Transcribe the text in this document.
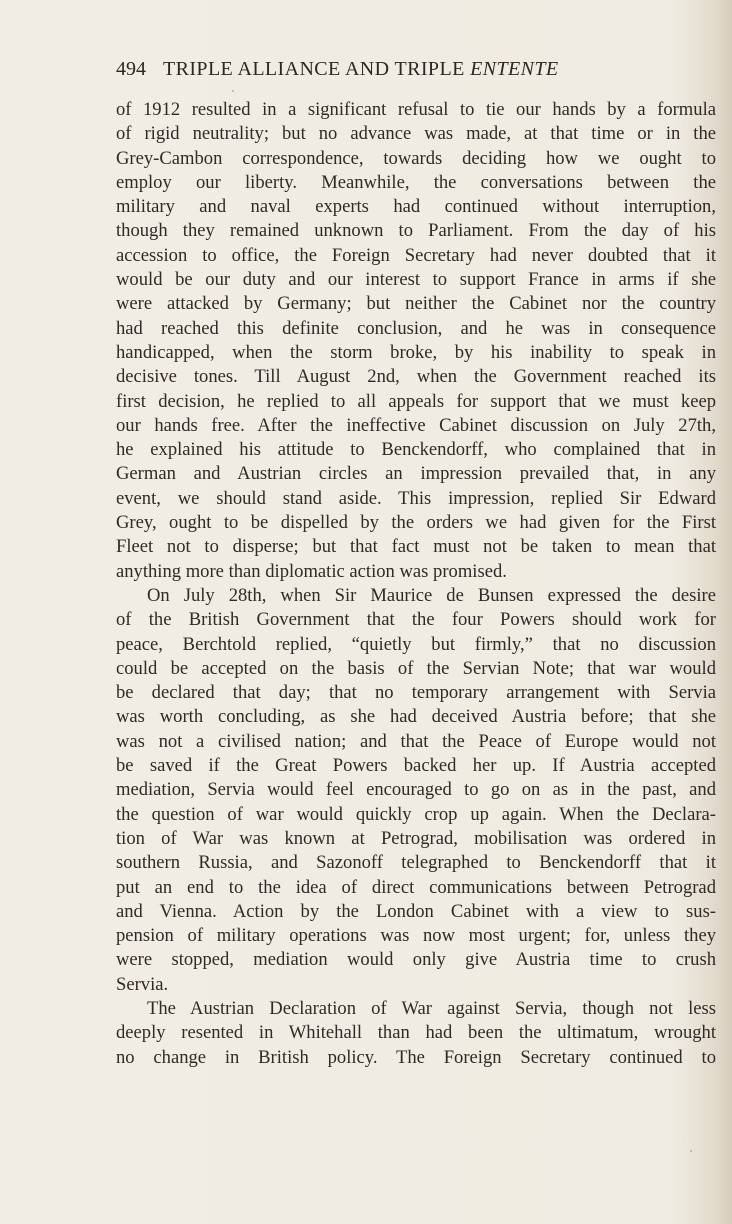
494 TRIPLE ALLIANCE AND TRIPLE ENTENTE
of 1912 resulted in a significant refusal to tie our hands by a formula
of rigid neutrality; but no advance was made, at that time or in the
Grey-Cambon correspondence, towards deciding how we ought to
employ our liberty. Meanwhile, the conversations between the
military and naval experts had continued without interruption,
though they remained unknown to Parliament. From the day of his
accession to office, the Foreign Secretary had never doubted that it
would be our duty and our interest to support France in arms if she
were attacked by Germany; but neither the Cabinet nor the country
had reached this definite conclusion, and he was in consequence
handicapped, when the storm broke, by his inability to speak in
decisive tones. Till August 2nd, when the Government reached its
first decision, he replied to all appeals for support that we must keep
our hands free. After the ineffective Cabinet discussion on July 27th,
he explained his attitude to Benckendorff, who complained that in
German and Austrian circles an impression prevailed that, in any
event, we should stand aside. This impression, replied Sir Edward
Grey, ought to be dispelled by the orders we had given for the First
Fleet not to disperse; but that fact must not be taken to mean that
anything more than diplomatic action was promised.
On July 28th, when Sir Maurice de Bunsen expressed the desire
of the British Government that the four Powers should work for
peace, Berchtold replied, “quietly but firmly,” that no discussion
could be accepted on the basis of the Servian Note; that war would
be declared that day; that no temporary arrangement with Servia
was worth concluding, as she had deceived Austria before; that she
was not a civilised nation; and that the Peace of Europe would not
be saved if the Great Powers backed her up. If Austria accepted
mediation, Servia would feel encouraged to go on as in the past, and
the question of war would quickly crop up again. When the Declara-
tion of War was known at Petrograd, mobilisation was ordered in
southern Russia, and Sazonoff telegraphed to Benckendorff that it
put an end to the idea of direct communications between Petrograd
and Vienna. Action by the London Cabinet with a view to sus-
pension of military operations was now most urgent; for, unless they
were stopped, mediation would only give Austria time to crush
Servia.
The Austrian Declaration of War against Servia, though not less
deeply resented in Whitehall than had been the ultimatum, wrought
no change in British policy. The Foreign Secretary continued to
